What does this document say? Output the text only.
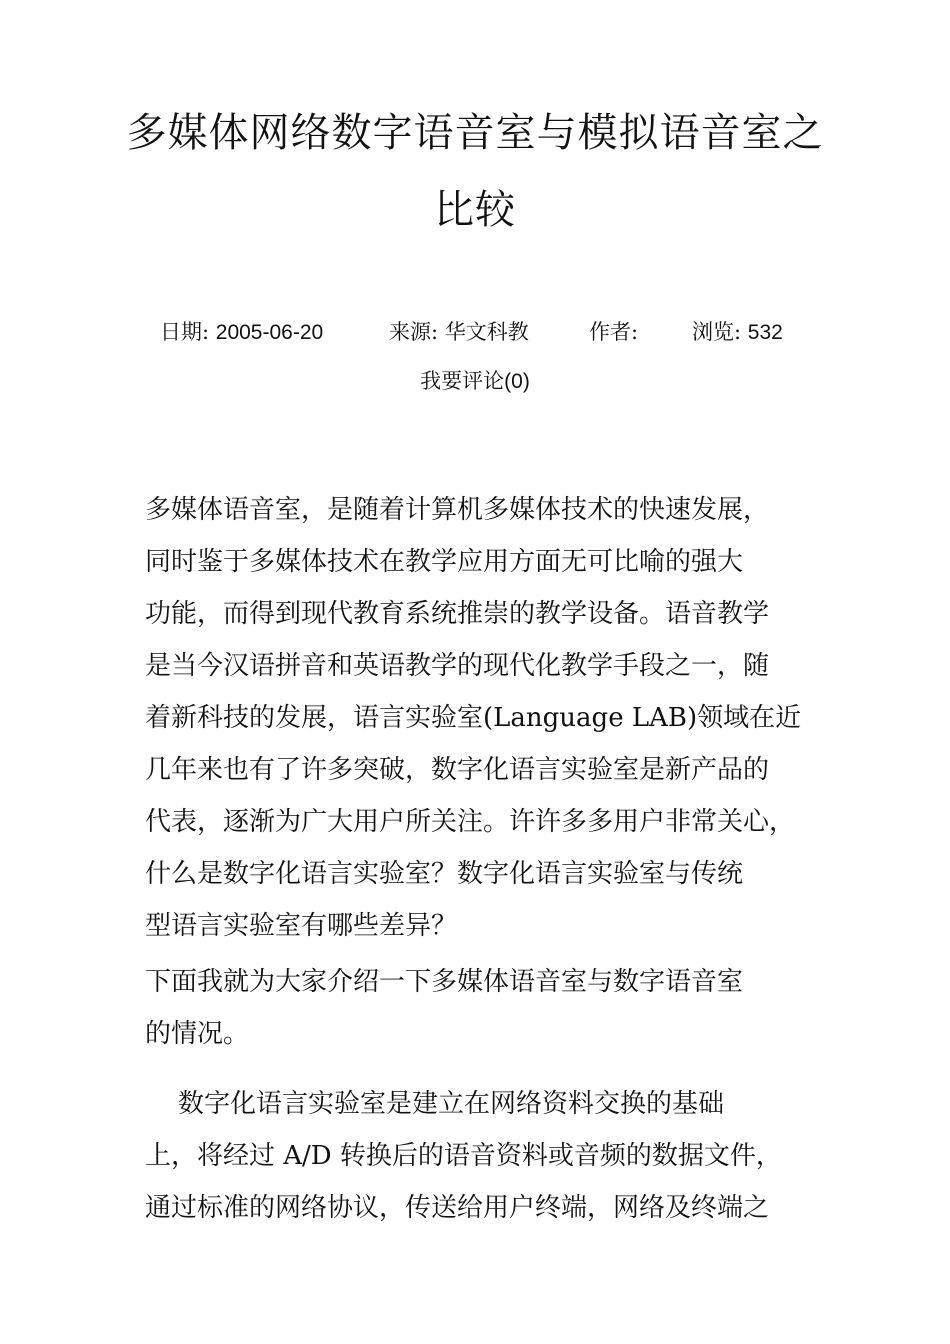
多媒体网络数字语音室与模拟语音室之
比较
日期: 2005-06-20	来源: 华文科教	作者:	浏览: 532
我要评论(0)
多媒体语音室，是随着计算机多媒体技术的快速发展，
同时鉴于多媒体技术在教学应用方面无可比喻的强大
功能，而得到现代教育系统推崇的教学设备。语音教学
是当今汉语拼音和英语教学的现代化教学手段之一，随
着新科技的发展，语言实验室(Language LAB)领域在近
几年来也有了许多突破，数字化语言实验室是新产品的
代表，逐渐为广大用户所关注。许许多多用户非常关心，
什么是数字化语言实验室？数字化语言实验室与传统
型语言实验室有哪些差异？
下面我就为大家介绍一下多媒体语音室与数字语音室
的情况。
数字化语言实验室是建立在网络资料交换的基础
上，将经过 A/D 转换后的语音资料或音频的数据文件，
通过标准的网络协议，传送给用户终端，网络及终端之
